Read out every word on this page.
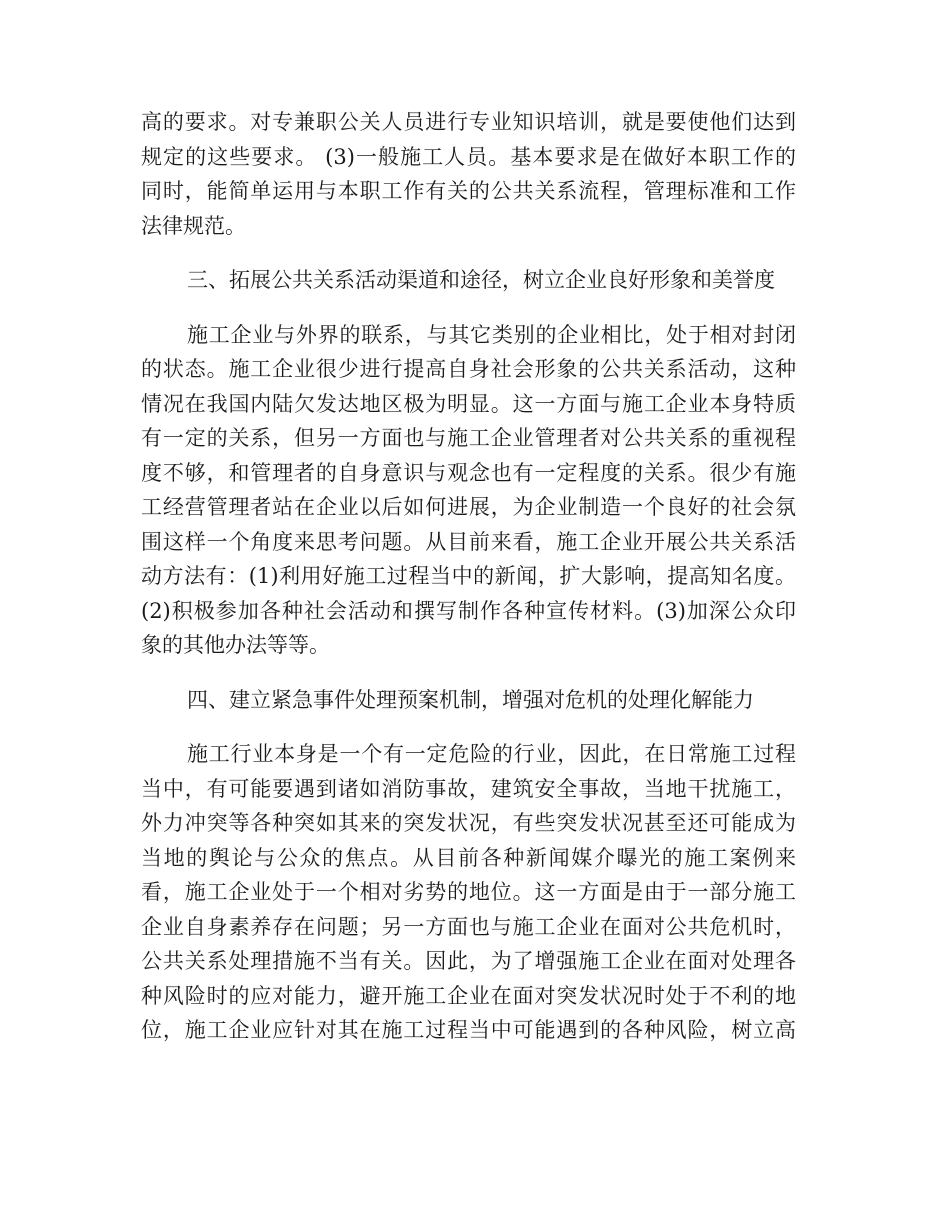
高的要求。对专兼职公关人员进行专业知识培训，就是要使他们达到

规定的这些要求。 (3)一般施工人员。基本要求是在做好本职工作的

同时，能简单运用与本职工作有关的公共关系流程，管理标准和工作

法律规范。

三、拓展公共关系活动渠道和途径，树立企业良好形象和美誉度

施工企业与外界的联系，与其它类别的企业相比，处于相对封闭

的状态。施工企业很少进行提高自身社会形象的公共关系活动，这种

情况在我国内陆欠发达地区极为明显。这一方面与施工企业本身特质

有一定的关系，但另一方面也与施工企业管理者对公共关系的重视程

度不够，和管理者的自身意识与观念也有一定程度的关系。很少有施

工经营管理者站在企业以后如何进展，为企业制造一个良好的社会氛

围这样一个角度来思考问题。从目前来看，施工企业开展公共关系活

动方法有：(1)利用好施工过程当中的新闻，扩大影响，提高知名度。

(2)积极参加各种社会活动和撰写制作各种宣传材料。(3)加深公众印

象的其他办法等等。

四、建立紧急事件处理预案机制，增强对危机的处理化解能力

施工行业本身是一个有一定危险的行业，因此，在日常施工过程

当中，有可能要遇到诸如消防事故，建筑安全事故，当地干扰施工，

外力冲突等各种突如其来的突发状况，有些突发状况甚至还可能成为

当地的舆论与公众的焦点。从目前各种新闻媒介曝光的施工案例来

看，施工企业处于一个相对劣势的地位。这一方面是由于一部分施工

企业自身素养存在问题；另一方面也与施工企业在面对公共危机时，

公共关系处理措施不当有关。因此，为了增强施工企业在面对处理各

种风险时的应对能力，避开施工企业在面对突发状况时处于不利的地

位，施工企业应针对其在施工过程当中可能遇到的各种风险，树立高
